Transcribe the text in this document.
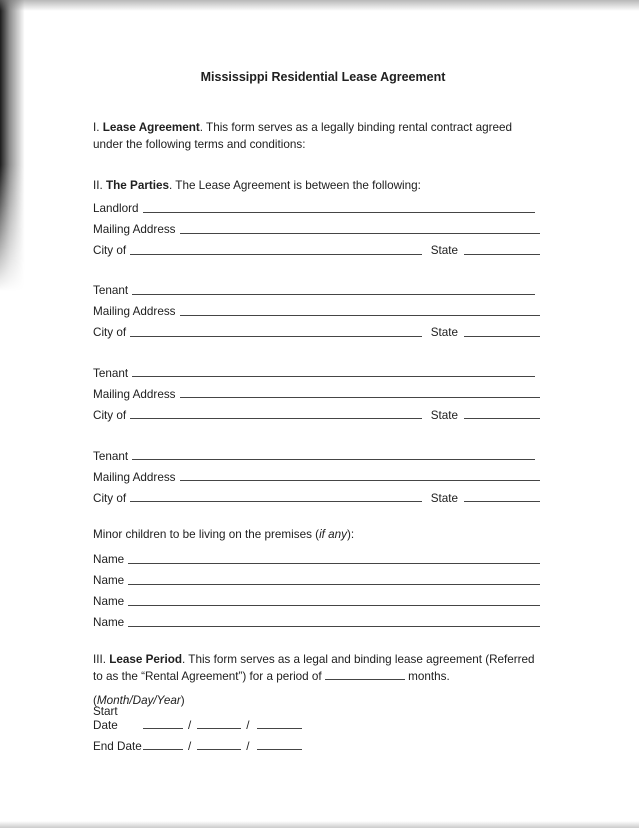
Mississippi Residential Lease Agreement

I. Lease Agreement. This form serves as a legally binding rental contract agreed under the following terms and conditions:

II. The Parties. The Lease Agreement is between the following:

Landlord
Mailing Address
City of	State
Tenant
Mailing Address
City of	State
Tenant
Mailing Address
City of	State
Tenant
Mailing Address
City of	State

Minor children to be living on the premises (if any):

Name
Name
Name
Name

III. Lease Period. This form serves as a legal and binding lease agreement (Referred to as the “Rental Agreement”) for a period of	months.

(Month/Day/Year)

Start Date	/	/
End Date	/	/
